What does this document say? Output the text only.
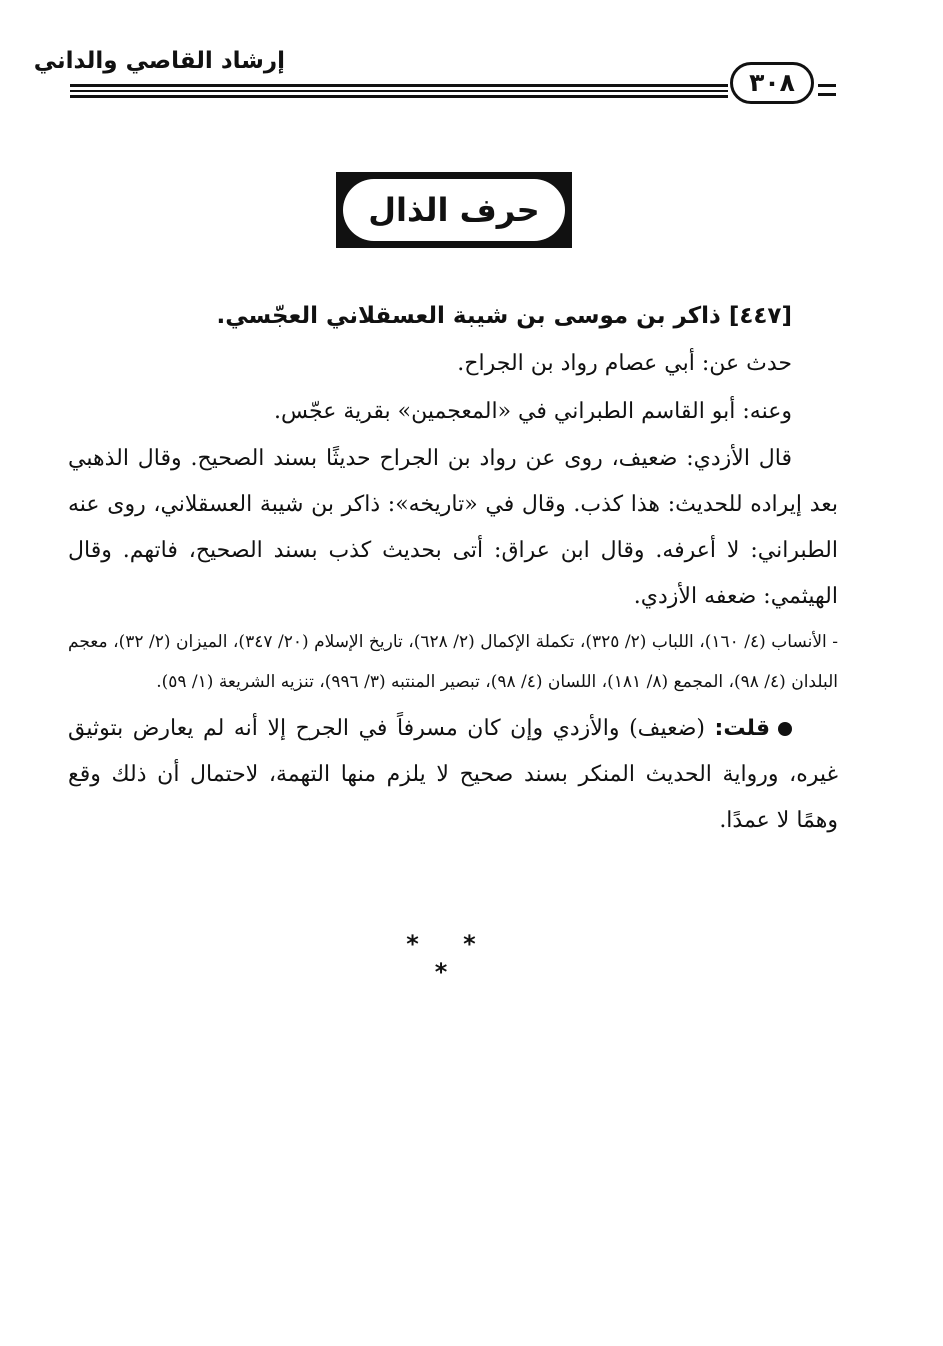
إرشاد القاصي والداني
٣٠٨
حرف الذال

[٤٤٧] ذاكر بن موسى بن شيبة العسقلاني العجّسي.

حدث عن: أبي عصام رواد بن الجراح.

وعنه: أبو القاسم الطبراني في «المعجمين» بقرية عجّس.

قال الأزدي: ضعيف، روى عن رواد بن الجراح حديثًا بسند الصحيح. وقال الذهبي بعد إيراده للحديث: هذا كذب. وقال في «تاريخه»: ذاكر بن شيبة العسقلاني، روى عنه الطبراني: لا أعرفه. وقال ابن عراق: أتى بحديث كذب بسند الصحيح، فاتهم. وقال الهيثمي: ضعفه الأزدي.

- الأنساب (٤/ ١٦٠)، اللباب (٢/ ٣٢٥)، تكملة الإكمال (٢/ ٦٢٨)، تاريخ الإسلام (٢٠/ ٣٤٧)، الميزان (٢/ ٣٢)، معجم البلدان (٤/ ٩٨)، المجمع (٨/ ١٨١)، اللسان (٤/ ٩٨)، تبصير المنتبه (٣/ ٩٩٦)، تنزيه الشريعة (١/ ٥٩).

قلت: (ضعيف) والأزدي وإن كان مسرفاً في الجرح إلا أنه لم يعارض بتوثيق غيره، ورواية الحديث المنكر بسند صحيح لا يلزم منها التهمة، لاحتمال أن ذلك وقع وهمًا لا عمدًا.

* * *
